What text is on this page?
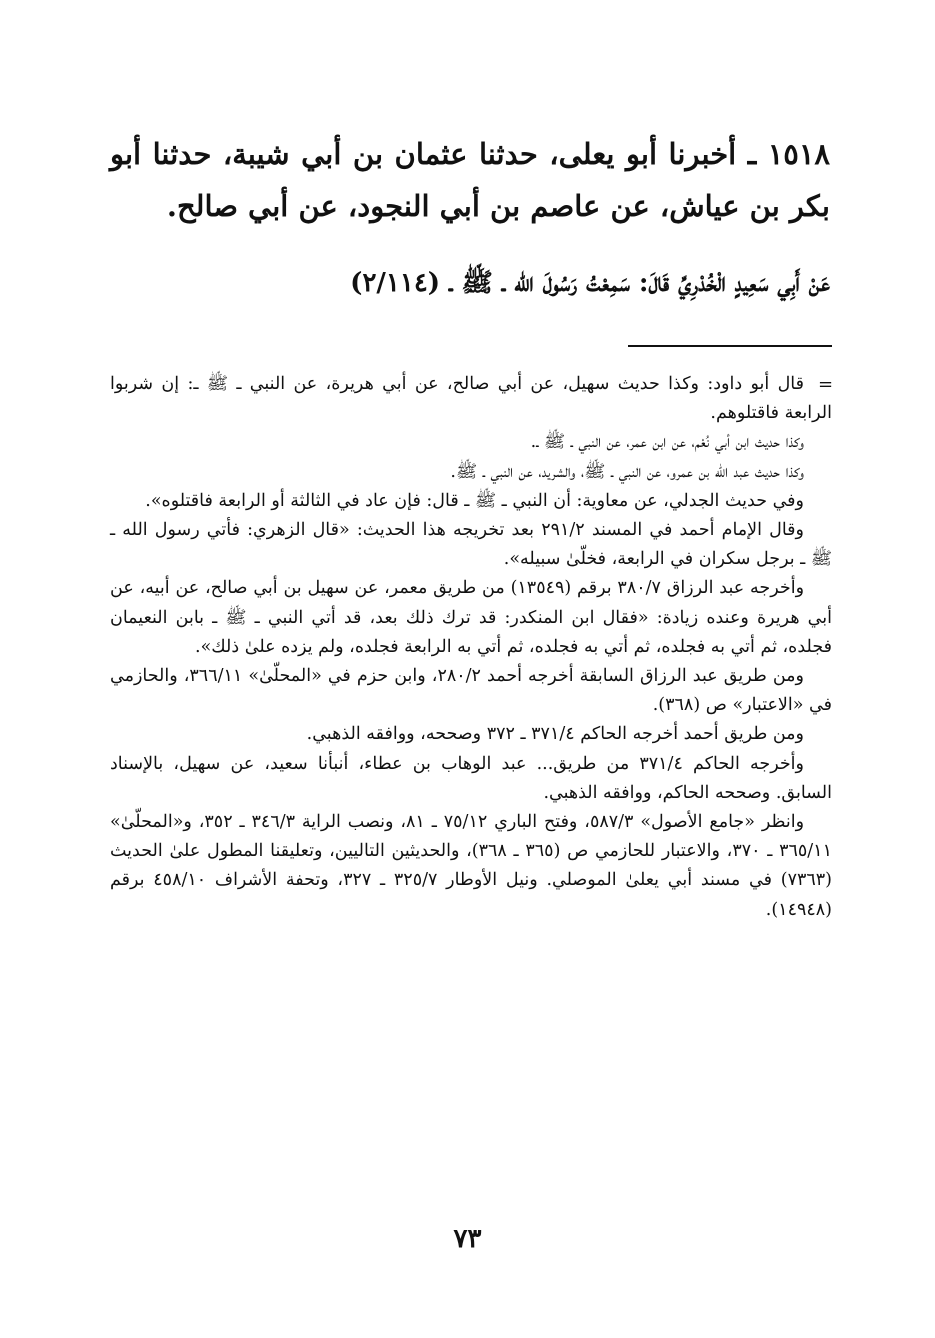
١٥١٨ ـ أخبرنا أبو يعلى، حدثنا عثمان بن أبي شيبة، حدثنا أبو بكر بن عياش، عن عاصم بن أبي النجود، عن أبي صالح.

عَنْ أَبِي سَعِيدٍ الْخُدْرِيِّ قَالَ: سَمِعْتُ رَسُولَ الله ـ ﷺ ـ (٢/١١٤)
=

قال أبو داود: وكذا حديث سهيل، عن أبي صالح، عن أبي هريرة، عن النبي ـ ﷺ ـ: إن شربوا الرابعة فاقتلوهم.

وكذا حديث ابن أبي نُعْم، عن ابن عمر، عن النبي ـ ﷺ ـ.

وكذا حديث عبد الله بن عمرو، عن النبي ـ ﷺ، والشريد، عن النبي ـ ﷺ.

وفي حديث الجدلي، عن معاوية: أن النبي ـ ﷺ ـ قال: فإن عاد في الثالثة أو الرابعة فاقتلوه».

وقال الإمام أحمد في المسند ٢٩١/٢ بعد تخريجه هذا الحديث: «قال الزهري: فأتي رسول الله ـ ﷺ ـ برجل سكران في الرابعة، فخلّىٰ سبيله».

وأخرجه عبد الرزاق ٣٨٠/٧ برقم (١٣٥٤٩) من طريق معمر، عن سهيل بن أبي صالح، عن أبيه، عن أبي هريرة وعنده زيادة: «فقال ابن المنكدر: قد ترك ذلك بعد، قد أتي النبي ـ ﷺ ـ بابن النعيمان فجلده، ثم أتي به فجلده، ثم أتي به فجلده، ثم أتي به الرابعة فجلده، ولم يزده علىٰ ذلك».

ومن طريق عبد الرزاق السابقة أخرجه أحمد ٢٨٠/٢، وابن حزم في «المحلّىٰ» ٣٦٦/١١، والحازمي في «الاعتبار» ص (٣٦٨).

ومن طريق أحمد أخرجه الحاكم ٣٧١/٤ ـ ٣٧٢ وصححه، ووافقه الذهبي.

وأخرجه الحاكم ٣٧١/٤ من طريق... عبد الوهاب بن عطاء، أنبأنا سعيد، عن سهيل، بالإسناد السابق. وصححه الحاكم، ووافقه الذهبي.

وانظر «جامع الأصول» ٥٨٧/٣، وفتح الباري ٧٥/١٢ ـ ٨١، ونصب الراية ٣٤٦/٣ ـ ٣٥٢، و«المحلّىٰ» ٣٦٥/١١ ـ ٣٧٠، والاعتبار للحازمي ص (٣٦٥ ـ ٣٦٨)، والحديثين التاليين، وتعليقنا المطول علىٰ الحديث (٧٣٦٣) في مسند أبي يعلىٰ الموصلي. ونيل الأوطار ٣٢٥/٧ ـ ٣٢٧، وتحفة الأشراف ٤٥٨/١٠ برقم (١٤٩٤٨).

٧٣
